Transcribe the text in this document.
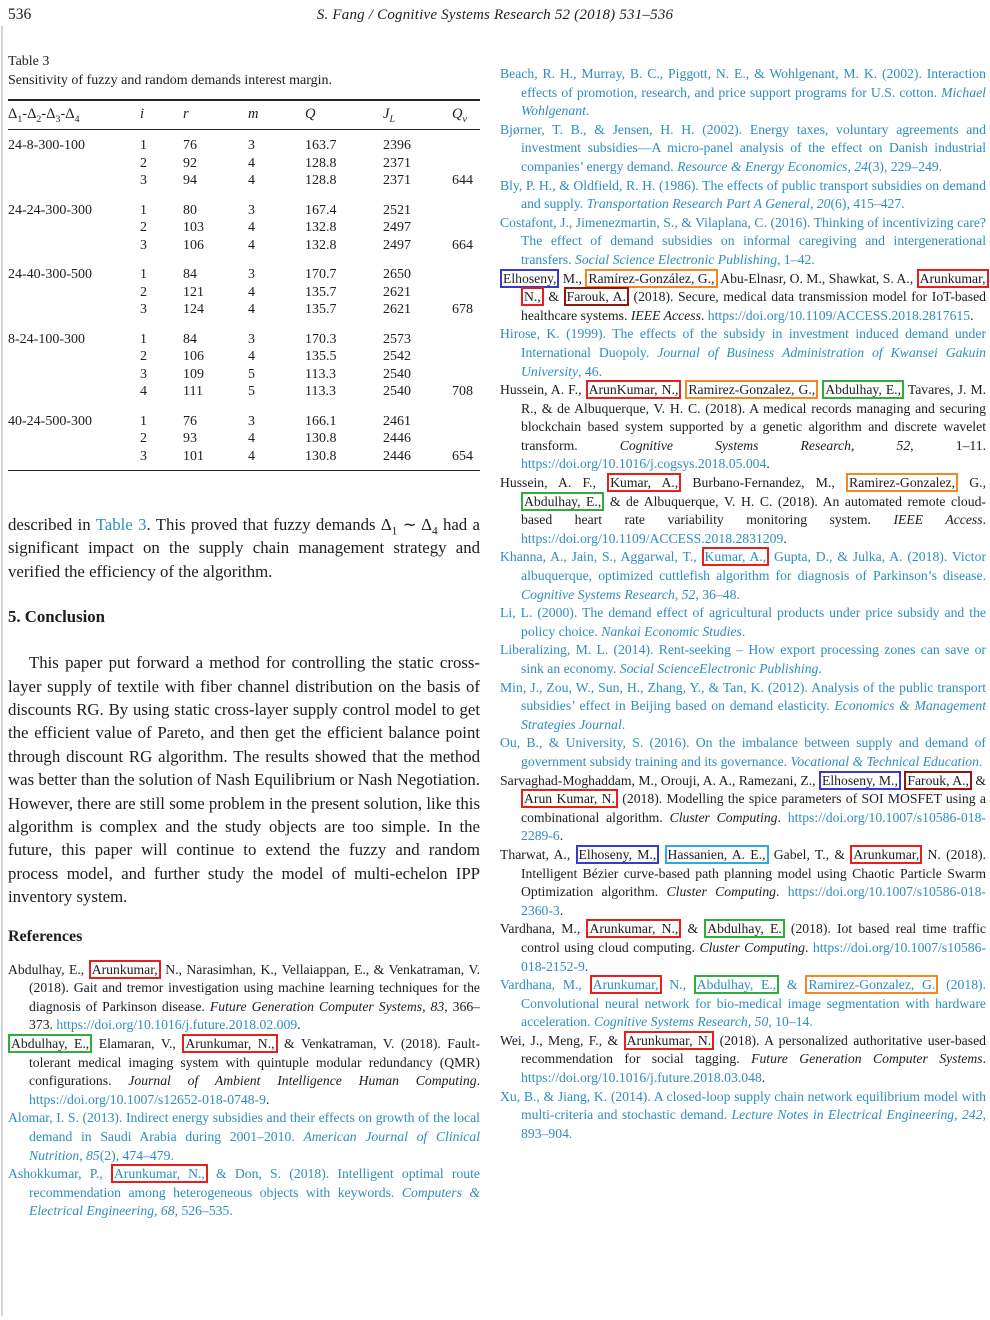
536	S. Fang / Cognitive Systems Research 52 (2018) 531–536
Table 3
Sensitivity of fuzzy and random demands interest margin.
$\Delta_1-\Delta_2-\Delta_3-\Delta_4$	i	r	m	Q	$J_L$	$Q_v$
24-8-300-100	1	76	3	163.7	2396	
	2	92	4	128.8	2371	
	3	94	4	128.8	2371	644
24-24-300-300	1	80	3	167.4	2521	
	2	103	4	132.8	2497	
	3	106	4	132.8	2497	664
24-40-300-500	1	84	3	170.7	2650	
	2	121	4	135.7	2621	
	3	124	4	135.7	2621	678
8-24-100-300	1	84	3	170.3	2573	
	2	106	4	135.5	2542	
	3	109	5	113.3	2540	
	4	111	5	113.3	2540	708
40-24-500-300	1	76	3	166.1	2461	
	2	93	4	130.8	2446	
	3	101	4	130.8	2446	654

described in Table 3. This proved that fuzzy demands $\Delta_1$ ∼ $\Delta_4$ had a significant impact on the supply chain management strategy and verified the efficiency of the algorithm.

5. Conclusion

This paper put forward a method for controlling the static cross-layer supply of textile with fiber channel distribution on the basis of discounts RG. By using static cross-layer supply control model to get the efficient value of Pareto, and then get the efficient balance point through discount RG algorithm. The results showed that the method was better than the solution of Nash Equilibrium or Nash Negotiation. However, there are still some problem in the present solution, like this algorithm is complex and the study objects are too simple. In the future, this paper will continue to extend the fuzzy and random process model, and further study the model of multi-echelon IPP inventory system.

References
Abdulhay, E., Arunkumar, N., Narasimhan, K., Vellaiappan, E., & Venkatraman, V. (2018). Gait and tremor investigation using machine learning techniques for the diagnosis of Parkinson disease. Future Generation Computer Systems, 83, 366–373. https://doi.org/10.1016/j.future.2018.02.009.
Abdulhay, E., Elamaran, V., Arunkumar, N., & Venkatraman, V. (2018). Fault-tolerant medical imaging system with quintuple modular redundancy (QMR) configurations. Journal of Ambient Intelligence Human Computing. https://doi.org/10.1007/s12652-018-0748-9.
Alomar, I. S. (2013). Indirect energy subsidies and their effects on growth of the local demand in Saudi Arabia during 2001–2010. American Journal of Clinical Nutrition, 85(2), 474–479.
Ashokkumar, P., Arunkumar, N., & Don, S. (2018). Intelligent optimal route recommendation among heterogeneous objects with keywords. Computers & Electrical Engineering, 68, 526–535.
Beach, R. H., Murray, B. C., Piggott, N. E., & Wohlgenant, M. K. (2002). Interaction effects of promotion, research, and price support programs for U.S. cotton. Michael Wohlgenant.
Bjørner, T. B., & Jensen, H. H. (2002). Energy taxes, voluntary agreements and investment subsidies—A micro-panel analysis of the effect on Danish industrial companies’ energy demand. Resource & Energy Economics, 24(3), 229–249.
Bly, P. H., & Oldfield, R. H. (1986). The effects of public transport subsidies on demand and supply. Transportation Research Part A General, 20(6), 415–427.
Costafont, J., Jimenezmartin, S., & Vilaplana, C. (2016). Thinking of incentivizing care? The effect of demand subsidies on informal caregiving and intergenerational transfers. Social Science Electronic Publishing, 1–42.
Elhoseny, M., Ramírez-González, G., Abu-Elnasr, O. M., Shawkat, S. A., Arunkumar, N., & Farouk, A. (2018). Secure, medical data transmission model for IoT-based healthcare systems. IEEE Access. https://doi.org/10.1109/ACCESS.2018.2817615.
Hirose, K. (1999). The effects of the subsidy in investment induced demand under International Duopoly. Journal of Business Administration of Kwansei Gakuin University, 46.
Hussein, A. F., ArunKumar, N., Ramirez-Gonzalez, G., Abdulhay, E., Tavares, J. M. R., & de Albuquerque, V. H. C. (2018). A medical records managing and securing blockchain based system supported by a genetic algorithm and discrete wavelet transform. Cognitive Systems Research, 52, 1–11. https://doi.org/10.1016/j.cogsys.2018.05.004.
Hussein, A. F., Kumar, A., Burbano-Fernandez, M., Ramirez-Gonzalez, G., Abdulhay, E., & de Albuquerque, V. H. C. (2018). An automated remote cloud-based heart rate variability monitoring system. IEEE Access. https://doi.org/10.1109/ACCESS.2018.2831209.
Khanna, A., Jain, S., Aggarwal, T., Kumar, A., Gupta, D., & Julka, A. (2018). Victor albuquerque, optimized cuttlefish algorithm for diagnosis of Parkinson’s disease. Cognitive Systems Research, 52, 36–48.
Li, L. (2000). The demand effect of agricultural products under price subsidy and the policy choice. Nankai Economic Studies.
Liberalizing, M. L. (2014). Rent-seeking – How export processing zones can save or sink an economy. Social ScienceElectronic Publishing.
Min, J., Zou, W., Sun, H., Zhang, Y., & Tan, K. (2012). Analysis of the public transport subsidies’ effect in Beijing based on demand elasticity. Economics & Management Strategies Journal.
Ou, B., & University, S. (2016). On the imbalance between supply and demand of government subsidy training and its governance. Vocational & Technical Education.
Sarvaghad-Moghaddam, M., Orouji, A. A., Ramezani, Z., Elhoseny, M., Farouk, A., & Arun Kumar, N. (2018). Modelling the spice parameters of SOI MOSFET using a combinational algorithm. Cluster Computing. https://doi.org/10.1007/s10586-018-2289-6.
Tharwat, A., Elhoseny, M., Hassanien, A. E., Gabel, T., & Arunkumar, N. (2018). Intelligent Bézier curve-based path planning model using Chaotic Particle Swarm Optimization algorithm. Cluster Computing. https://doi.org/10.1007/s10586-018-2360-3.
Vardhana, M., Arunkumar, N., & Abdulhay, E. (2018). Iot based real time traffic control using cloud computing. Cluster Computing. https://doi.org/10.1007/s10586-018-2152-9.
Vardhana, M., Arunkumar, N., Abdulhay, E., & Ramirez-Gonzalez, G. (2018). Convolutional neural network for bio-medical image segmentation with hardware acceleration. Cognitive Systems Research, 50, 10–14.
Wei, J., Meng, F., & Arunkumar, N. (2018). A personalized authoritative user-based recommendation for social tagging. Future Generation Computer Systems. https://doi.org/10.1016/j.future.2018.03.048.
Xu, B., & Jiang, K. (2014). A closed-loop supply chain network equilibrium model with multi-criteria and stochastic demand. Lecture Notes in Electrical Engineering, 242, 893–904.
